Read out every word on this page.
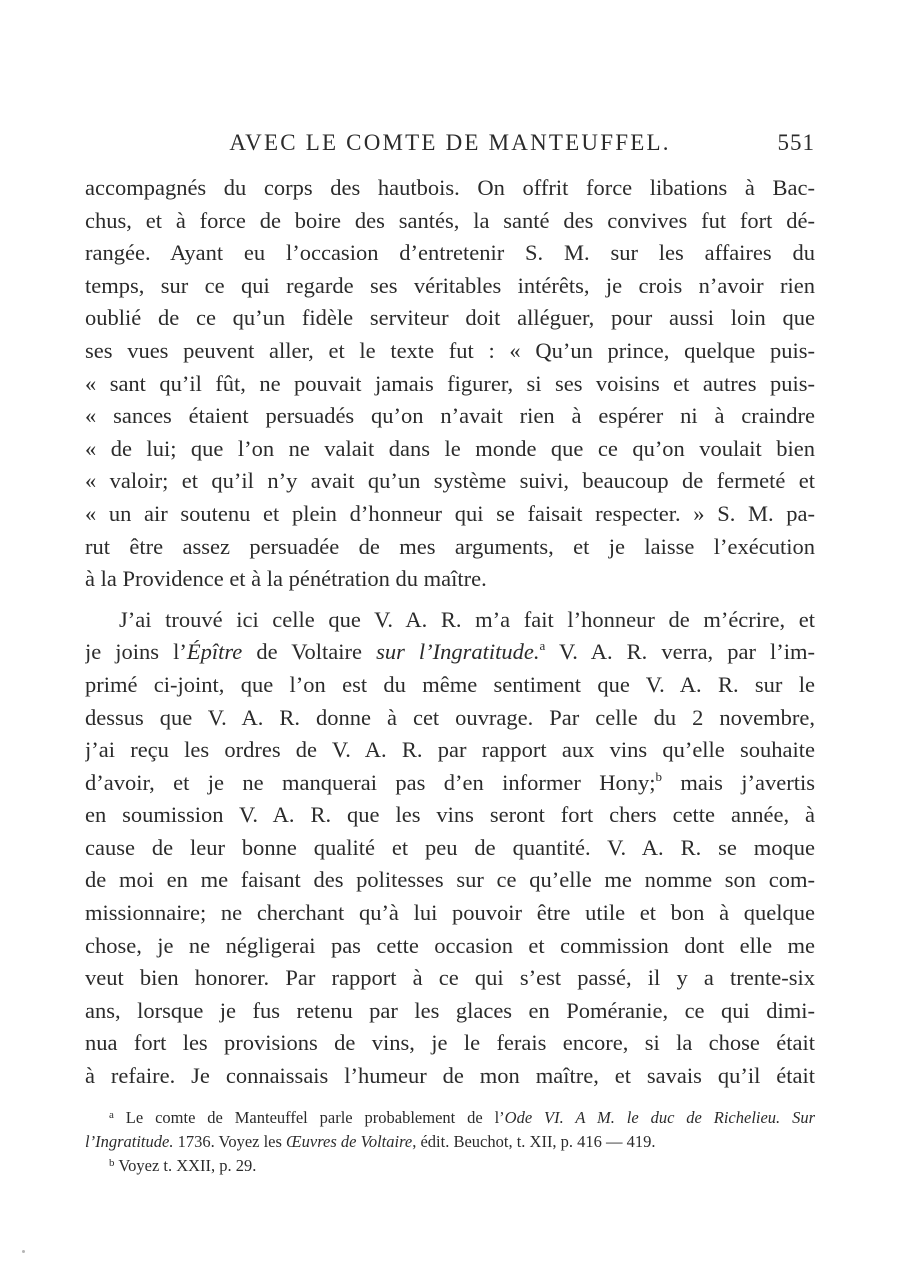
AVEC LE COMTE DE MANTEUFFEL.	551
accompagnés du corps des hautbois. On offrit force libations à Bac-
chus, et à force de boire des santés, la santé des convives fut fort dé-
rangée. Ayant eu l’occasion d’entretenir S. M. sur les affaires du
temps, sur ce qui regarde ses véritables intérêts, je crois n’avoir rien
oublié de ce qu’un fidèle serviteur doit alléguer, pour aussi loin que
ses vues peuvent aller, et le texte fut : « Qu’un prince, quelque puis-
« sant qu’il fût, ne pouvait jamais figurer, si ses voisins et autres puis-
« sances étaient persuadés qu’on n’avait rien à espérer ni à craindre
« de lui; que l’on ne valait dans le monde que ce qu’on voulait bien
« valoir; et qu’il n’y avait qu’un système suivi, beaucoup de fermeté et
« un air soutenu et plein d’honneur qui se faisait respecter. » S. M. pa-
rut être assez persuadée de mes arguments, et je laisse l’exécution
à la Providence et à la pénétration du maître.
J’ai trouvé ici celle que V. A. R. m’a fait l’honneur de m’écrire, et
je joins l’Épître de Voltaire sur l’Ingratitude.$^a$ V. A. R. verra, par l’im-
primé ci-joint, que l’on est du même sentiment que V. A. R. sur le
dessus que V. A. R. donne à cet ouvrage. Par celle du 2 novembre,
j’ai reçu les ordres de V. A. R. par rapport aux vins qu’elle souhaite
d’avoir, et je ne manquerai pas d’en informer Hony;$^b$ mais j’avertis
en soumission V. A. R. que les vins seront fort chers cette année, à
cause de leur bonne qualité et peu de quantité. V. A. R. se moque
de moi en me faisant des politesses sur ce qu’elle me nomme son com-
missionnaire; ne cherchant qu’à lui pouvoir être utile et bon à quelque
chose, je ne négligerai pas cette occasion et commission dont elle me
veut bien honorer. Par rapport à ce qui s’est passé, il y a trente-six
ans, lorsque je fus retenu par les glaces en Poméranie, ce qui dimi-
nua fort les provisions de vins, je le ferais encore, si la chose était
à refaire. Je connaissais l’humeur de mon maître, et savais qu’il était
$^a$ Le comte de Manteuffel parle probablement de l’Ode VI. A M. le duc de Richelieu. Sur
l’Ingratitude. 1736. Voyez les Œuvres de Voltaire, édit. Beuchot, t. XII, p. 416 — 419.
$^b$ Voyez t. XXII, p. 29.
